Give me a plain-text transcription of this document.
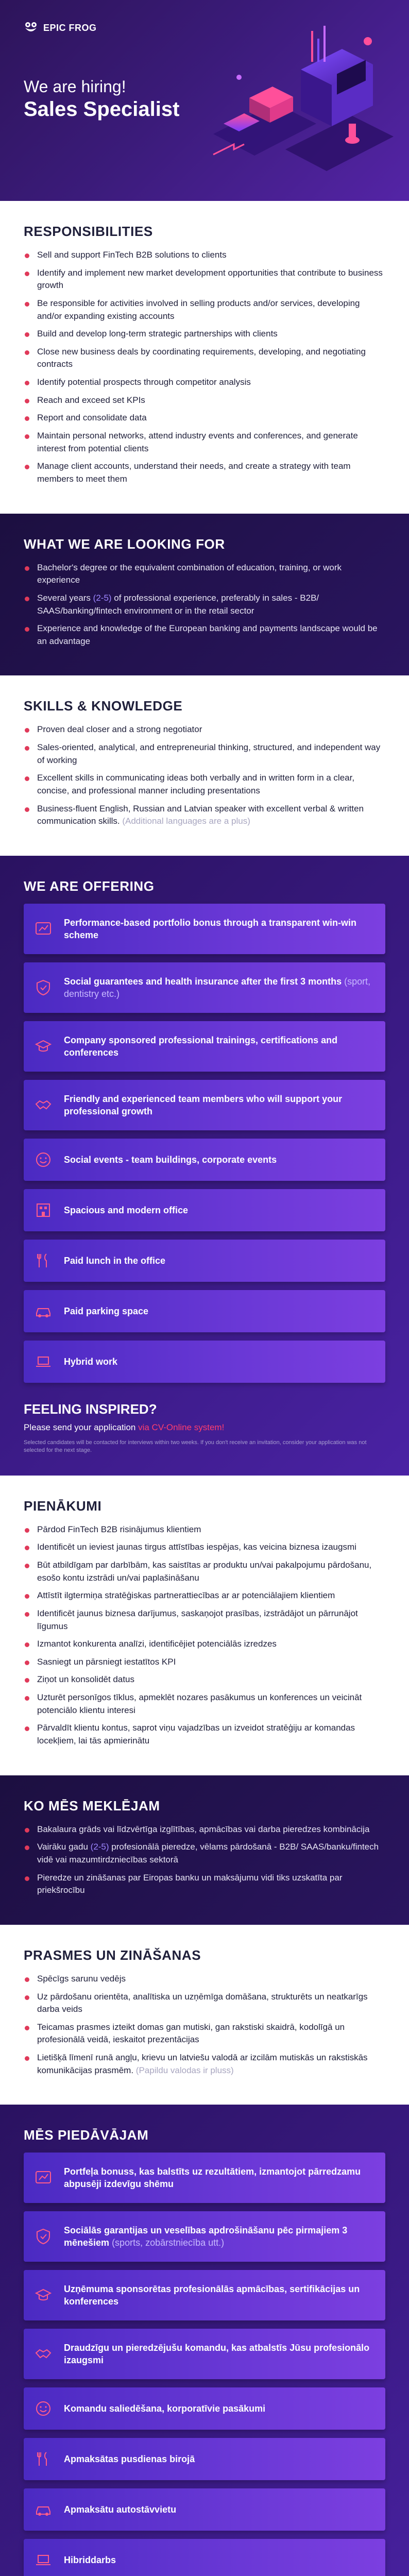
EPIC FROG
We are hiring!
Sales Specialist
RESPONSIBILITIES
Sell and support FinTech B2B solutions to clients
Identify and implement new market development opportunities that contribute to business growth
Be responsible for activities involved in selling products and/or services, developing and/or expanding existing accounts
Build and develop long-term strategic partnerships with clients
Close new business deals by coordinating requirements, developing, and negotiating contracts
Identify potential prospects through competitor analysis
Reach and exceed set KPIs
Report and consolidate data
Maintain personal networks, attend industry events and conferences, and generate interest from potential clients
Manage client accounts, understand their needs, and create a strategy with team members to meet them
WHAT WE ARE LOOKING FOR
Bachelor's degree or the equivalent combination of education, training, or work experience
Several years (2-5) of professional experience, preferably in sales - B2B/ SAAS/banking/fintech environment or in the retail sector
Experience and knowledge of the European banking and payments landscape would be an advantage
SKILLS & KNOWLEDGE
Proven deal closer and a strong negotiator
Sales-oriented, analytical, and entrepreneurial thinking, structured, and independent way of working
Excellent skills in communicating ideas both verbally and in written form in a clear, concise, and professional manner including presentations
Business-fluent English, Russian and Latvian speaker with excellent verbal & written communication skills. (Additional languages are a plus)
WE ARE OFFERING
Performance-based portfolio bonus through a transparent win-win scheme
Social guarantees and health insurance after the first 3 months (sport, dentistry etc.)
Company sponsored professional trainings, certifications and conferences
Friendly and experienced team members who will support your professional growth
Social events - team buildings, corporate events
Spacious and modern office
Paid lunch in the office
Paid parking space
Hybrid work
FEELING INSPIRED?

Please send your application via CV-Online system!

Selected candidates will be contacted for interviews within two weeks. If you don't receive an invitation, consider your application was not selected for the next stage.

PIENĀKUMI
Pārdod FinTech B2B risinājumus klientiem
Identificēt un ieviest jaunas tirgus attīstības iespējas, kas veicina biznesa izaugsmi
Būt atbildīgam par darbībām, kas saistītas ar produktu un/vai pakalpojumu pārdošanu, esošo kontu izstrādi un/vai paplašināšanu
Attīstīt ilgtermiņa stratēģiskas partnerattiecības ar ar potenciālajiem klientiem
Identificēt jaunus biznesa darījumus, saskaņojot prasības, izstrādājot un pārrunājot līgumus
Izmantot konkurenta analīzi, identificējiet potenciālās izredzes
Sasniegt un pārsniegt iestatītos KPI
Ziņot un konsolidēt datus
Uzturēt personīgos tīklus, apmeklēt nozares pasākumus un konferences un veicināt potenciālo klientu interesi
Pārvaldīt klientu kontus, saprot viņu vajadzības un izveidot stratēģiju ar komandas locekļiem, lai tās apmierinātu
KO MĒS MEKLĒJAM
Bakalaura grāds vai līdzvērtīga izglītības, apmācības vai darba pieredzes kombinācija
Vairāku gadu (2-5) profesionālā pieredze, vēlams pārdošanā - B2B/ SAAS/banku/fintech vidē vai mazumtirdzniecības sektorā
Pieredze un zināšanas par Eiropas banku un maksājumu vidi tiks uzskatīta par priekšrocību
PRASMES UN ZINĀŠANAS
Spēcīgs sarunu vedējs
Uz pārdošanu orientēta, analītiska un uzņēmīga domāšana, strukturēts un neatkarīgs darba veids
Teicamas prasmes izteikt domas gan mutiski, gan rakstiski skaidrā, kodolīgā un profesionālā veidā, ieskaitot prezentācijas
Lietišķā līmenī runā angļu, krievu un latviešu valodā ar izcilām mutiskās un rakstiskās komunikācijas prasmēm. (Papildu valodas ir pluss)
MĒS PIEDĀVĀJAM
Portfeļa bonuss, kas balstīts uz rezultātiem, izmantojot pārredzamu abpusēji izdevīgu shēmu
Sociālās garantijas un veselības apdrošināšanu pēc pirmajiem 3 mēnešiem (sports, zobārstniecība utt.)
Uzņēmuma sponsorētas profesionālās apmācības, sertifikācijas un konferences
Draudzīgu un pieredzējušu komandu, kas atbalstīs Jūsu profesionālo izaugsmi
Komandu saliedēšana, korporatīvie pasākumi
Apmaksātas pusdienas birojā
Apmaksātu autostāvvietu
Hibriddarbs
